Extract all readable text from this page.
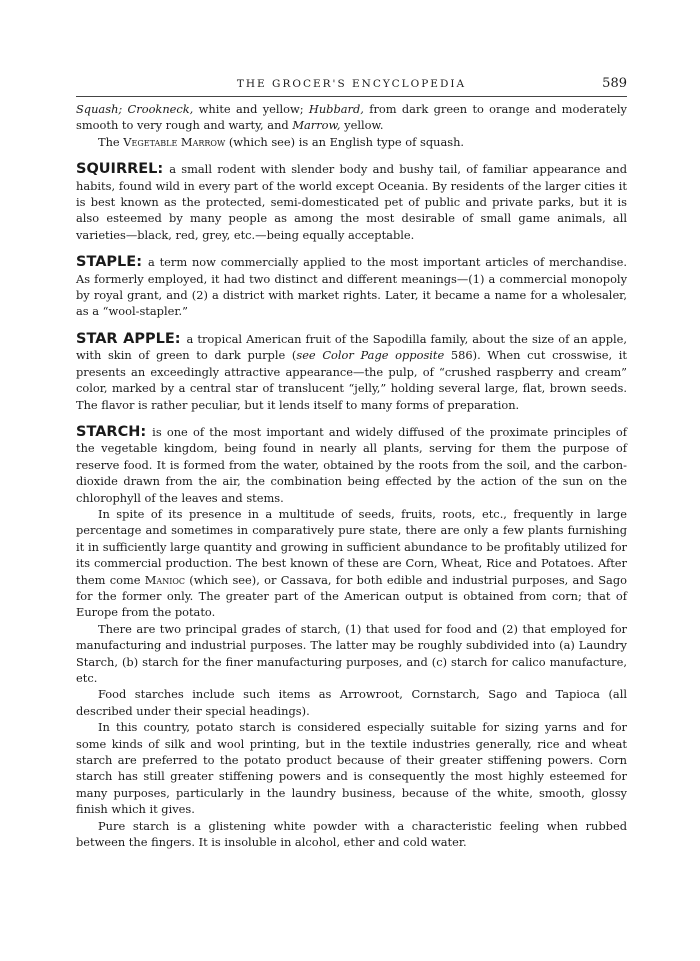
THE GROCER'S ENCYCLOPEDIA	589

Squash; Crookneck, white and yellow; Hubbard, from dark green to orange and moderately smooth to very rough and warty, and Marrow, yellow.

The Vegetable Marrow (which see) is an English type of squash.

SQUIRREL: a small rodent with slender body and bushy tail, of familiar appearance and habits, found wild in every part of the world except Oceania. By residents of the larger cities it is best known as the protected, semi-domesticated pet of public and private parks, but it is also esteemed by many people as among the most desirable of small game animals, all varieties—black, red, grey, etc.—being equally acceptable.

STAPLE: a term now commercially applied to the most important articles of merchandise. As formerly employed, it had two distinct and different meanings—(1) a commercial monopoly by royal grant, and (2) a district with market rights. Later, it became a name for a wholesaler, as a “wool-stapler.”

STAR APPLE: a tropical American fruit of the Sapodilla family, about the size of an apple, with skin of green to dark purple (see Color Page opposite 586). When cut crosswise, it presents an exceedingly attractive appearance—the pulp, of “crushed raspberry and cream” color, marked by a central star of translucent “jelly,” holding several large, flat, brown seeds. The flavor is rather peculiar, but it lends itself to many forms of preparation.

STARCH: is one of the most important and widely diffused of the proximate principles of the vegetable kingdom, being found in nearly all plants, serving for them the purpose of reserve food. It is formed from the water, obtained by the roots from the soil, and the carbon-dioxide drawn from the air, the combination being effected by the action of the sun on the chlorophyll of the leaves and stems.

In spite of its presence in a multitude of seeds, fruits, roots, etc., frequently in large percentage and sometimes in comparatively pure state, there are only a few plants furnishing it in sufficiently large quantity and growing in sufficient abundance to be profitably utilized for its commercial production. The best known of these are Corn, Wheat, Rice and Potatoes. After them come Manioc (which see), or Cassava, for both edible and industrial purposes, and Sago for the former only. The greater part of the American output is obtained from corn; that of Europe from the potato.

There are two principal grades of starch, (1) that used for food and (2) that employed for manufacturing and industrial purposes. The latter may be roughly subdivided into (a) Laundry Starch, (b) starch for the finer manufacturing purposes, and (c) starch for calico manufacture, etc.

Food starches include such items as Arrowroot, Cornstarch, Sago and Tapioca (all described under their special headings).

In this country, potato starch is considered especially suitable for sizing yarns and for some kinds of silk and wool printing, but in the textile industries generally, rice and wheat starch are preferred to the potato product because of their greater stiffening powers. Corn starch has still greater stiffening powers and is consequently the most highly esteemed for many purposes, particularly in the laundry business, because of the white, smooth, glossy finish which it gives.

Pure starch is a glistening white powder with a characteristic feeling when rubbed between the fingers. It is insoluble in alcohol, ether and cold water.
